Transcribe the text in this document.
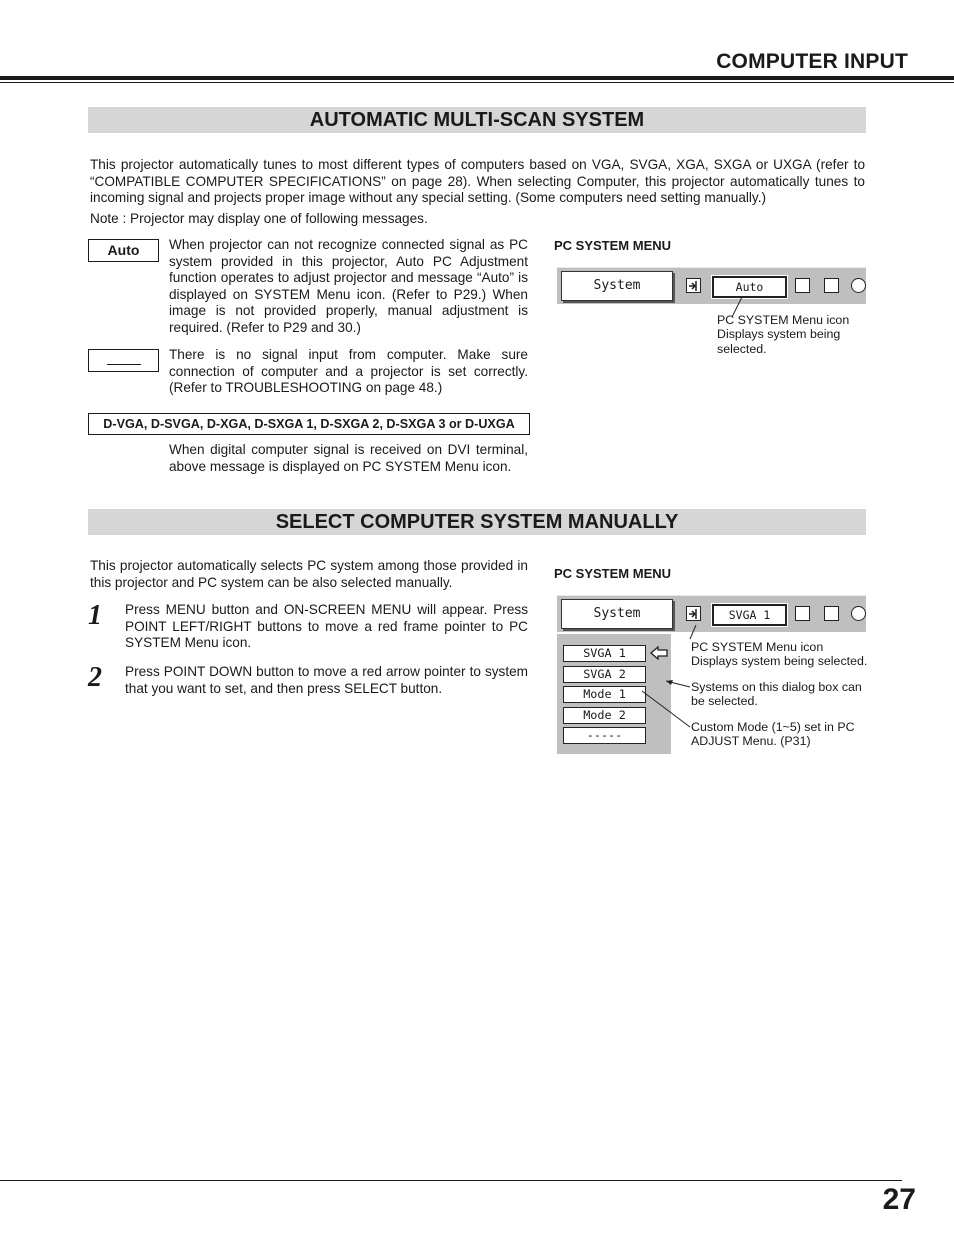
COMPUTER INPUT
AUTOMATIC MULTI-SCAN SYSTEM
This projector automatically tunes to most different types of computers based on VGA, SVGA, XGA, SXGA or UXGA (refer to “COMPATIBLE COMPUTER SPECIFICATIONS” on page 28). When selecting Computer, this projector automatically tunes to incoming signal and projects proper image without any special setting. (Some computers need setting manually.)
Note : Projector may display one of following messages.
Auto	When projector can not recognize connected signal as PC system provided in this projector, Auto PC Adjustment function operates to adjust projector and message “Auto” is displayed on SYSTEM Menu icon. (Refer to P29.) When image is not provided properly, manual adjustment is required. (Refer to P29 and 30.)
There is no signal input from computer. Make sure connection of computer and a projector is set correctly. (Refer to TROUBLESHOOTING on page 48.)
D-VGA, D-SVGA, D-XGA, D-SXGA 1, D-SXGA 2, D-SXGA 3 or D-UXGA
When digital computer signal is received on DVI terminal, above message is displayed on PC SYSTEM Menu icon.
PC SYSTEM MENU
System	Auto
PC SYSTEM Menu icon Displays system being selected.
SELECT COMPUTER SYSTEM MANUALLY
This projector automatically selects PC system among those provided in this projector and PC system can be also selected manually.
1 Press MENU button and ON-SCREEN MENU will appear. Press POINT LEFT/RIGHT buttons to move a red frame pointer to PC SYSTEM Menu icon.
2 Press POINT DOWN button to move a red arrow pointer to system that you want to set, and then press SELECT button.
PC SYSTEM MENU
System	SVGA 1
SVGA 1
SVGA 2
Mode 1
Mode 2
-----
PC SYSTEM Menu icon Displays system being selected.
Systems on this dialog box can be selected.
Custom Mode (1~5) set in PC ADJUST Menu. (P31)
27
